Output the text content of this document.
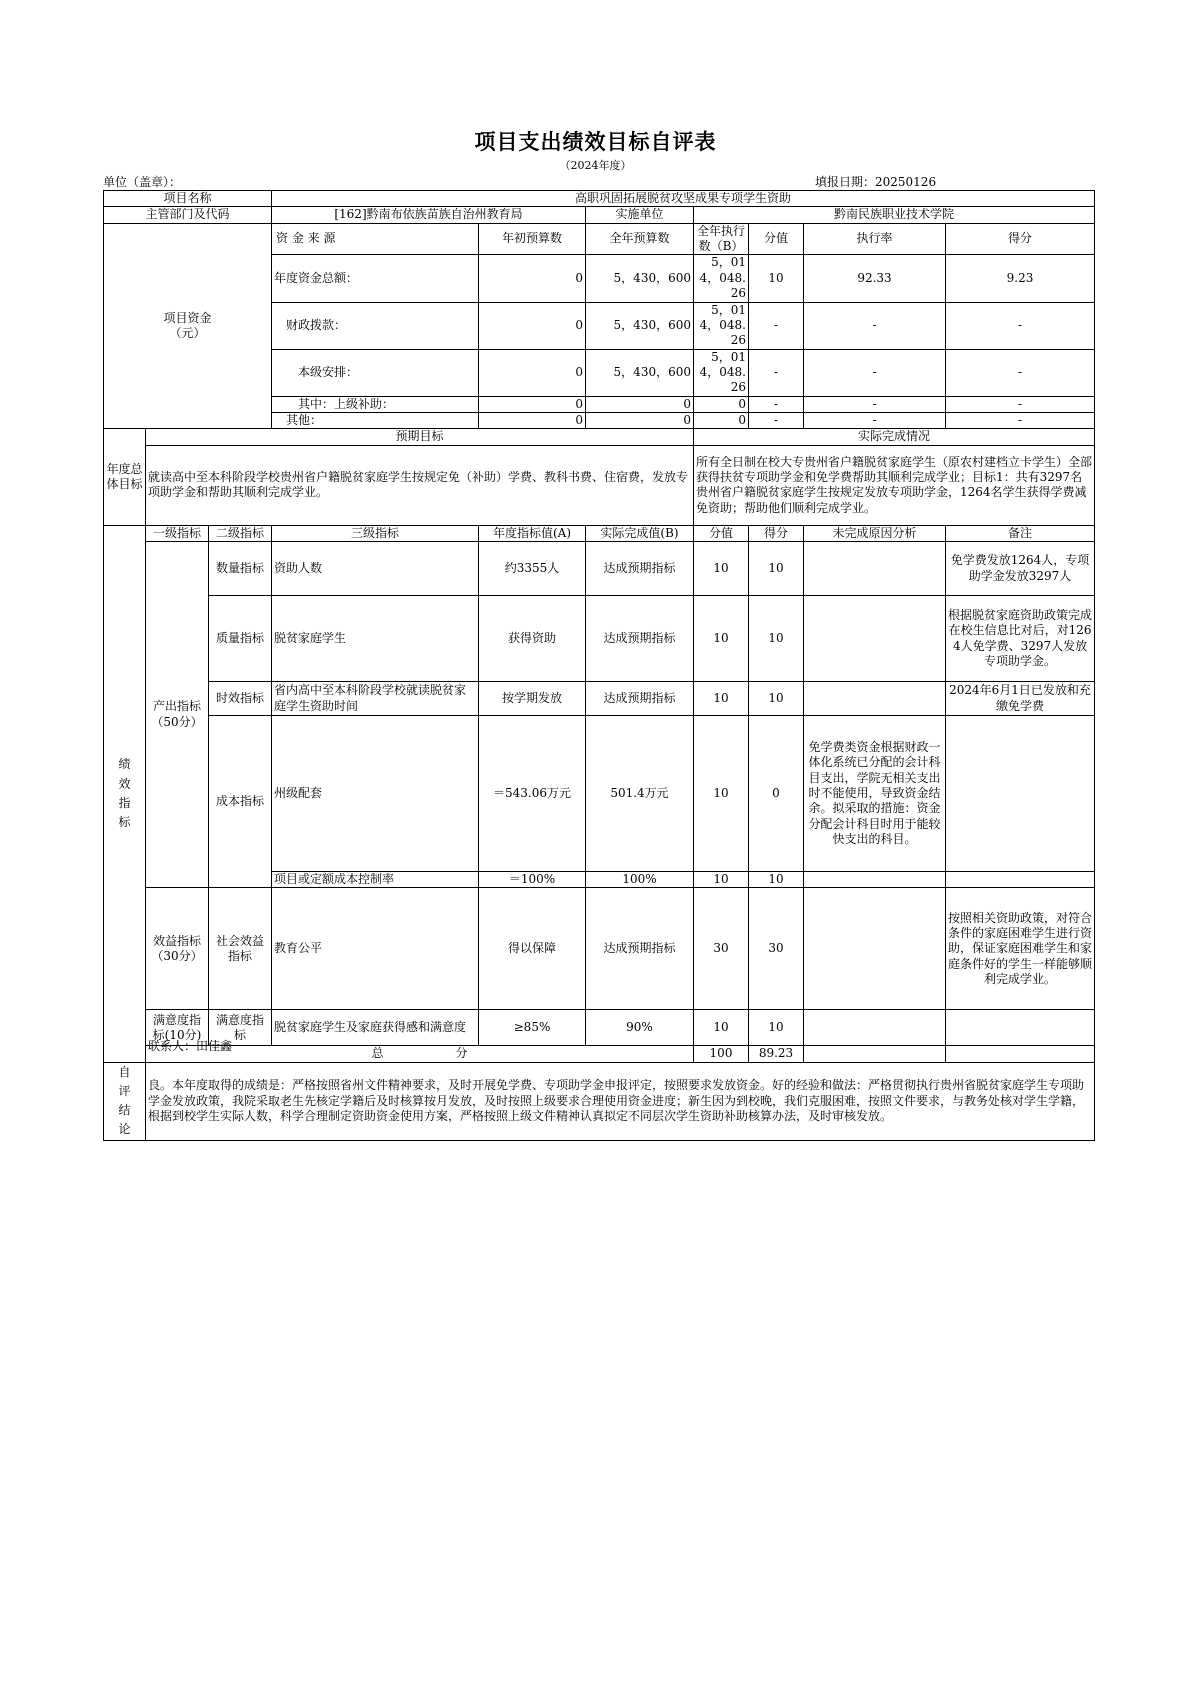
项目支出绩效目标自评表
（2024年度）
单位（盖章）：	填报日期：20250126
项目名称			高职巩固拓展脱贫攻坚成果专项学生资助						
主管部门及代码			[162]黔南布依族苗族自治州教育局		实施单位	黔南民族职业技术学院			
项目资金
（元）			资 金 来 源	年初预算数	全年预算数	全年执行数（B）	分值	执行率	得分
			年度资金总额：	0	5，430，600	5，014，048.26	10	92.33	9.23
			财政拨款：	0	5，430，600	5，014，048.26	-	-	-
			本级安排：	0	5，430，600	5，014，048.26	-	-	-
			其中：上级补助：	0	0	0	-	-	-
			其他：	0	0	0	-	-	-
年度总体目标	预期目标					实际完成情况			
	就读高中至本科阶段学校贵州省户籍脱贫家庭学生按规定免（补助）学费、教科书费、住宿费，发放专项助学金和帮助其顺利完成学业。					所有全日制在校大专贵州省户籍脱贫家庭学生（原农村建档立卡学生）全部获得扶贫专项助学金和免学费帮助其顺利完成学业；目标1：共有3297名贵州省户籍脱贫家庭学生按规定发放专项助学金，1264名学生获得学费减免资助；帮助他们顺利完成学业。			
绩效指标	一级指标	二级指标	三级指标	年度指标值(A)	实际完成值(B)	分值	得分	未完成原因分析	备注
	产出指标（50分）	数量指标	资助人数	约3355人	达成预期指标	10	10		免学费发放1264人，专项助学金发放3297人
		质量指标	脱贫家庭学生	获得资助	达成预期指标	10	10		根据脱贫家庭资助政策完成在校生信息比对后，对1264人免学费、3297人发放专项助学金。
		时效指标	省内高中至本科阶段学校就读脱贫家庭学生资助时间	按学期发放	达成预期指标	10	10		2024年6月1日已发放和充缴免学费
		成本指标	州级配套	＝543.06万元	501.4万元	10	0	免学费类资金根据财政一体化系统已分配的会计科目支出，学院无相关支出时不能使用，导致资金结余。拟采取的措施：资金分配会计科目时用于能较快支出的科目。	
			项目或定额成本控制率	＝100%	100%	10	10		
	效益指标（30分）	社会效益指标	教育公平	得以保障	达成预期指标	30	30		按照相关资助政策，对符合条件的家庭困难学生进行资助，保证家庭困难学生和家庭条件好的学生一样能够顺利完成学业。
	满意度指标(10分)	满意度指标	脱贫家庭学生及家庭获得感和满意度	≥85%	90%	10	10		
	总　　　　　　分					100	89.23		
自评结论	良。本年度取得的成绩是：严格按照省州文件精神要求，及时开展免学费、专项助学金申报评定，按照要求发放资金。好的经验和做法：严格贯彻执行贵州省脱贫家庭学生专项助学金发放政策，我院采取老生先核定学籍后及时核算按月发放，及时按照上级要求合理使用资金进度；新生因为到校晚，我们克服困难，按照文件要求，与教务处核对学生学籍，根据到校学生实际人数，科学合理制定资助资金使用方案，严格按照上级文件精神认真拟定不同层次学生资助补助核算办法，及时审核发放。								
联系人：田佳鑫
